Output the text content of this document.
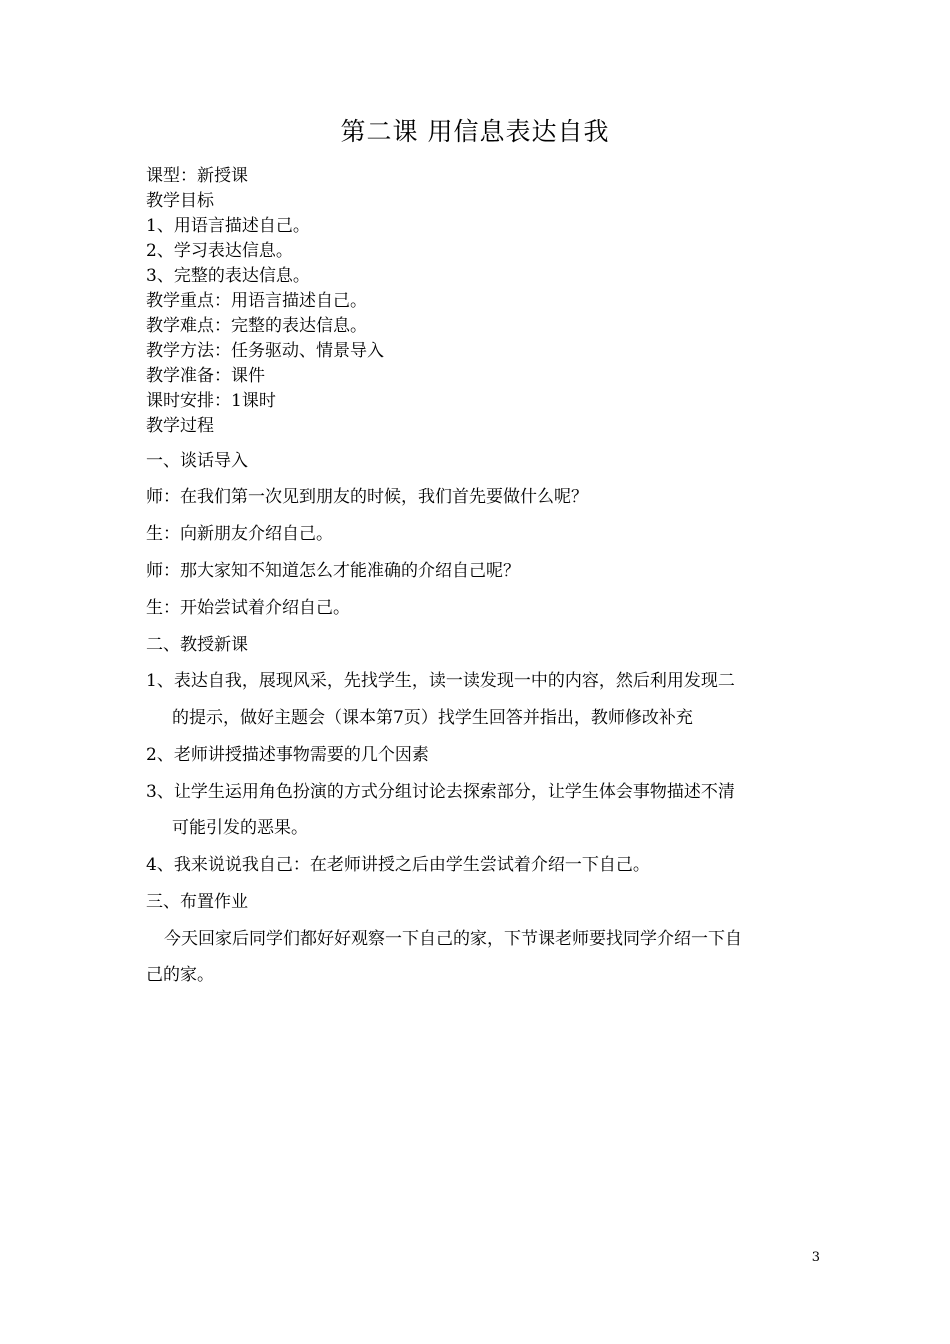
第二课 用信息表达自我
课型：新授课
教学目标
1、用语言描述自己。
2、学习表达信息。
3、完整的表达信息。
教学重点：用语言描述自己。
教学难点：完整的表达信息。
教学方法：任务驱动、情景导入
教学准备：课件
课时安排：1课时
教学过程
一、谈话导入
师：在我们第一次见到朋友的时候，我们首先要做什么呢？
生：向新朋友介绍自己。
师：那大家知不知道怎么才能准确的介绍自己呢？
生：开始尝试着介绍自己。
二、教授新课
1、表达自我，展现风采，先找学生，读一读发现一中的内容，然后利用发现二
的提示，做好主题会（课本第7页）找学生回答并指出，教师修改补充
2、老师讲授描述事物需要的几个因素
3、让学生运用角色扮演的方式分组讨论去探索部分，让学生体会事物描述不清
可能引发的恶果。
4、我来说说我自己：在老师讲授之后由学生尝试着介绍一下自己。
三、布置作业
今天回家后同学们都好好观察一下自己的家，下节课老师要找同学介绍一下自
己的家。
3
